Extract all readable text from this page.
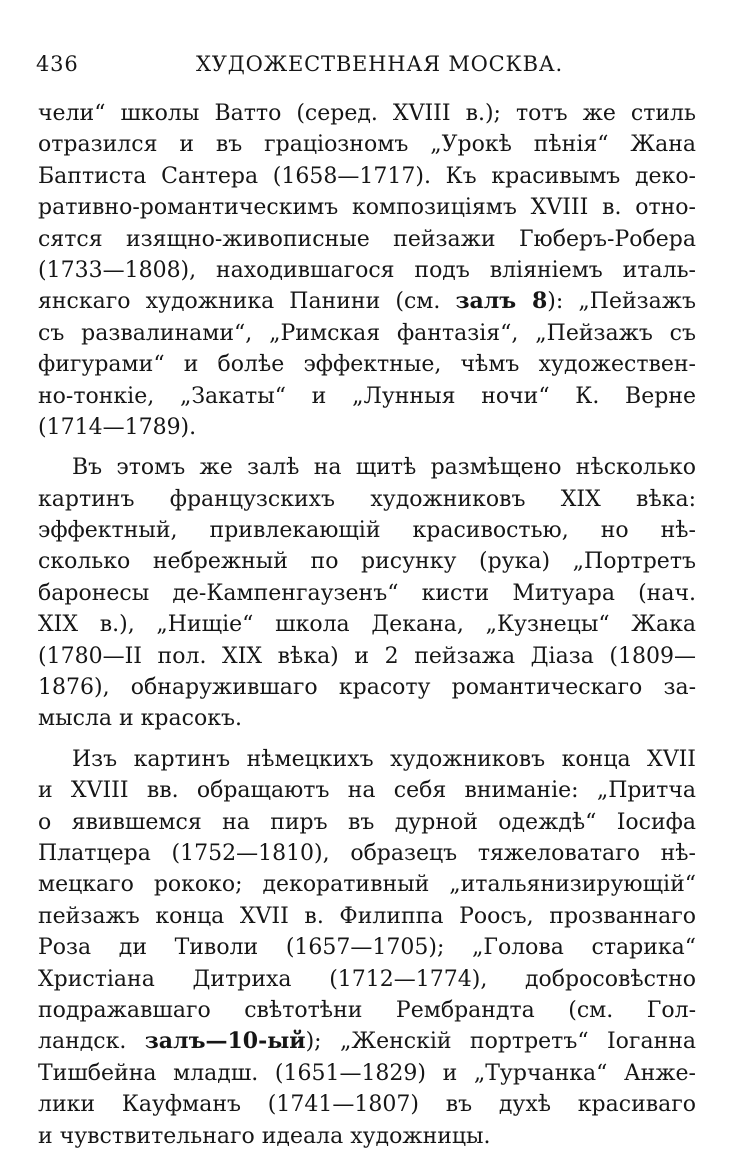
436	ХУДОЖЕСТВЕННАЯ МОСКВА.
чели“ школы Ватто (серед. XVIII в.); тотъ же стиль
отразился и въ граціозномъ „Урокѣ пѣнія“ Жана
Баптиста Сантера (1658—1717). Къ красивымъ деко-
ративно-романтическимъ композиціямъ XVIII в. отно-
сятся изящно-живописные пейзажи Гюберъ-Робера
(1733—1808), находившагося подъ вліяніемъ италь-
янскаго художника Панини (см. залъ 8): „Пейзажъ
съ развалинами“, „Римская фантазія“, „Пейзажъ съ
фигурами“ и болѣе эффектные, чѣмъ художествен-
но-тонкіе, „Закаты“ и „Лунныя ночи“ К. Верне
(1714—1789).
Въ этомъ же залѣ на щитѣ размѣщено нѣсколько
картинъ французскихъ художниковъ XIX вѣка:
эффектный, привлекающій красивостью, но нѣ-
сколько небрежный по рисунку (рука) „Портретъ
баронесы де-Кампенгаузенъ“ кисти Митуара (нач.
XIX в.), „Нищіе“ школа Декана, „Кузнецы“ Жака
(1780—II пол. XIX вѣка) и 2 пейзажа Діаза (1809—
1876), обнаружившаго красоту романтическаго за-
мысла и красокъ.
Изъ картинъ нѣмецкихъ художниковъ конца XVII
и XVIII вв. обращаютъ на себя вниманіе: „Притча
о явившемся на пиръ въ дурной одеждѣ“ Іосифа
Платцера (1752—1810), образецъ тяжеловатаго нѣ-
мецкаго рококо; декоративный „итальянизирующій“
пейзажъ конца XVII в. Филиппа Роосъ, прозваннаго
Роза ди Тиволи (1657—1705); „Голова старика“
Христіана Дитриха (1712—1774), добросовѣстно
подражавшаго свѣтотѣни Рембрандта (см. Гол-
ландск. залъ—10-ый); „Женскій портретъ“ Іоганна
Тишбейна младш. (1651—1829) и „Турчанка“ Анже-
лики Кауфманъ (1741—1807) въ духѣ красиваго
и чувствительнаго идеала художницы.
